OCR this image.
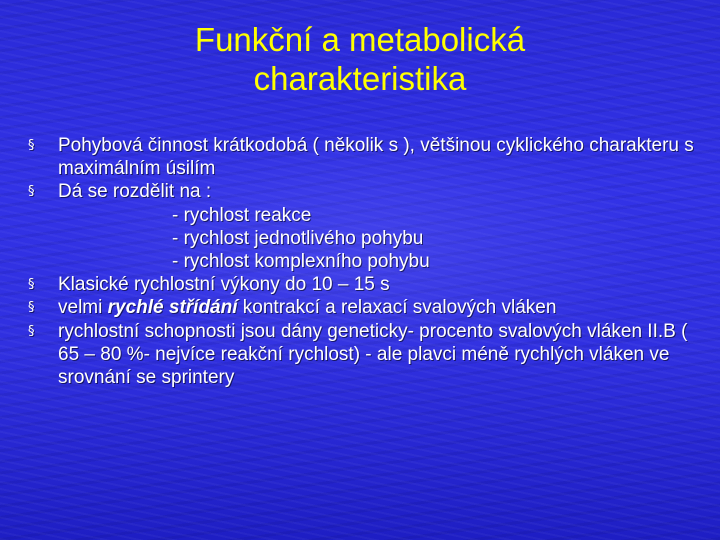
Funkční a metabolická
charakteristika
§	Pohybová činnost krátkodobá ( několik s ), většinou cyklického charakteru s maximálním úsilím
§	Dá se rozdělit na :
- rychlost reakce
- rychlost jednotlivého pohybu
- rychlost komplexního pohybu
§	Klasické rychlostní výkony do 10 – 15 s
§	velmi rychlé střídání kontrakcí a relaxací svalových vláken
§	rychlostní schopnosti jsou dány geneticky- procento svalových vláken II.B ( 65 – 80 %- nejvíce reakční rychlost) - ale plavci méně rychlých vláken ve srovnání se sprintery
